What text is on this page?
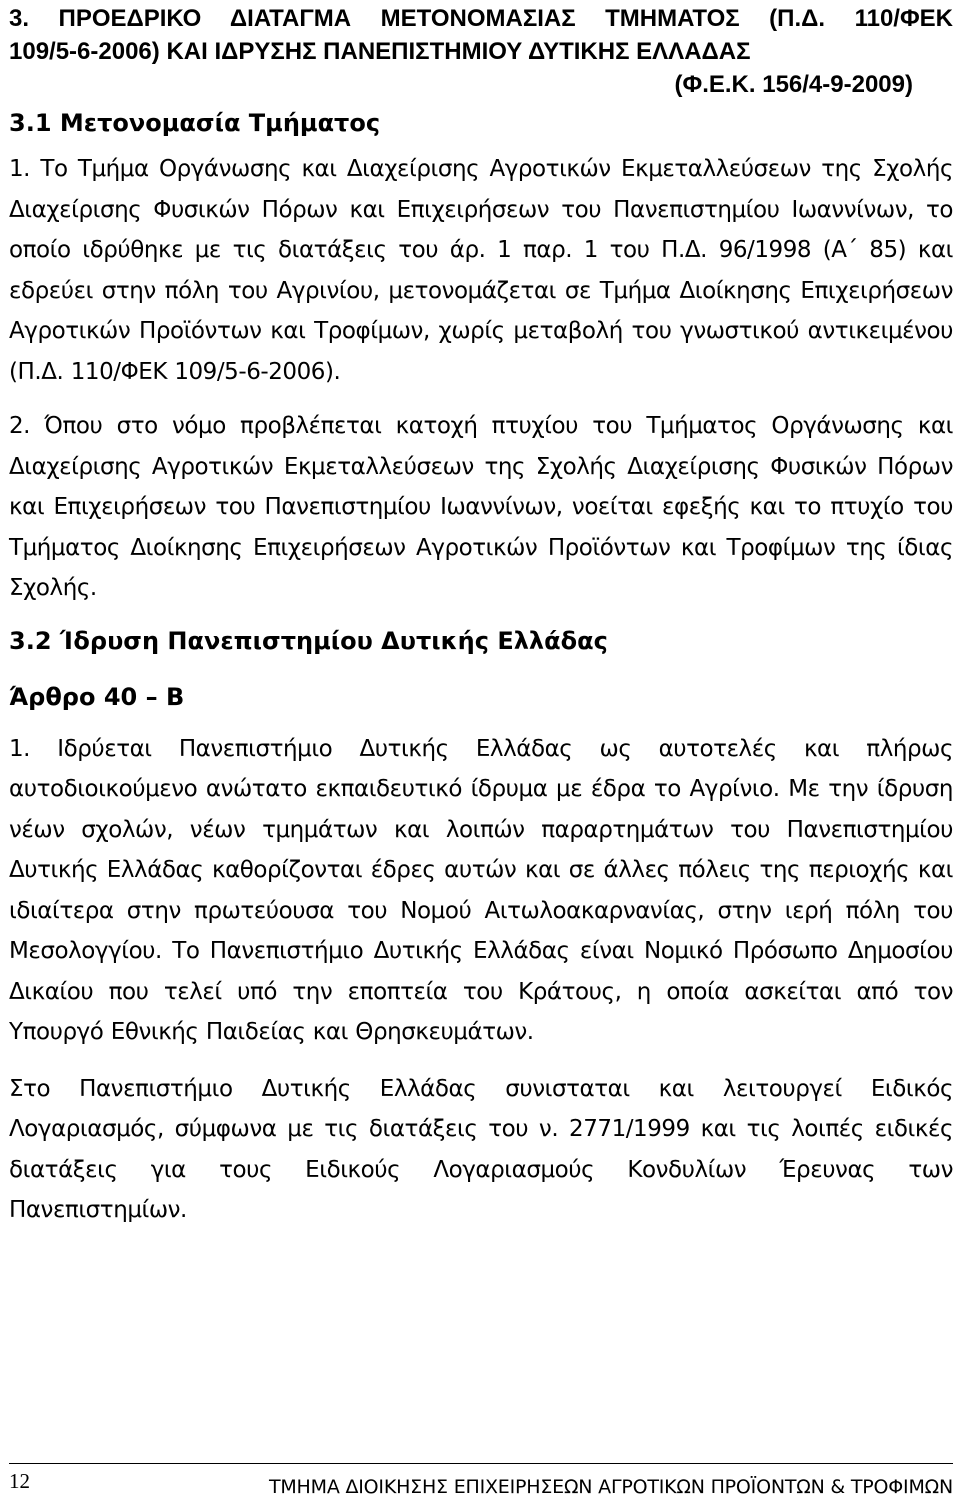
3. ΠΡΟΕΔΡΙΚΟ ΔΙΑΤΑΓΜΑ ΜΕΤΟΝΟΜΑΣΙΑΣ ΤΜΗΜΑΤΟΣ (Π.Δ. 110/ΦΕΚ
109/5-6-2006) ΚΑΙ ΙΔΡΥΣΗΣ ΠΑΝΕΠΙΣΤΗΜΙΟΥ ΔΥΤΙΚΗΣ ΕΛΛΑΔΑΣ
(Φ.Ε.Κ. 156/4-9-2009)
3.1 Μετονομασία Τμήματος

1. Το Τμήμα Οργάνωσης και Διαχείρισης Αγροτικών Εκμεταλλεύσεων της Σχολής Διαχείρισης Φυσικών Πόρων και Επιχειρήσεων του Πανεπιστημίου Ιωαννίνων, το οποίο ιδρύθηκε με τις διατάξεις του άρ. 1 παρ. 1 του Π.Δ. 96/1998 (Α΄ 85) και εδρεύει στην πόλη του Αγρινίου, μετονομάζεται σε Τμήμα Διοίκησης Επιχειρήσεων Αγροτικών Προϊόντων και Τροφίμων, χωρίς μεταβολή του γνωστικού αντικειμένου (Π.Δ. 110/ΦΕΚ 109/5-6-2006).

2. Όπου στο νόμο προβλέπεται κατοχή πτυχίου του Τμήματος Οργάνωσης και Διαχείρισης Αγροτικών Εκμεταλλεύσεων της Σχολής Διαχείρισης Φυσικών Πόρων και Επιχειρήσεων του Πανεπιστημίου Ιωαννίνων, νοείται εφεξής και το πτυχίο του Τμήματος Διοίκησης Επιχειρήσεων Αγροτικών Προϊόντων και Τροφίμων της ίδιας Σχολής.

3.2 Ίδρυση Πανεπιστημίου Δυτικής Ελλάδας
Άρθρο 40 – Β

1. Ιδρύεται Πανεπιστήμιο Δυτικής Ελλάδας ως αυτοτελές και πλήρως αυτοδιοικούμενο ανώτατο εκπαιδευτικό ίδρυμα με έδρα το Αγρίνιο. Με την ίδρυση νέων σχολών, νέων τμημάτων και λοιπών παραρτημάτων του Πανεπιστημίου Δυτικής Ελλάδας καθορίζονται έδρες αυτών και σε άλλες πόλεις της περιοχής και ιδιαίτερα στην πρωτεύουσα του Νομού Αιτωλοακαρνανίας, στην ιερή πόλη του Μεσολογγίου. Το Πανεπιστήμιο Δυτικής Ελλάδας είναι Νομικό Πρόσωπο Δημοσίου Δικαίου που τελεί υπό την εποπτεία του Κράτους, η οποία ασκείται από τον Υπουργό Εθνικής Παιδείας και Θρησκευμάτων.

Στο Πανεπιστήμιο Δυτικής Ελλάδας συνισταται και λειτουργεί Ειδικός Λογαριασμός, σύμφωνα με τις διατάξεις του ν. 2771/1999 και τις λοιπές ειδικές διατάξεις για τους Ειδικούς Λογαριασμούς Κονδυλίων Έρευνας των Πανεπιστημίων.

12	ΤΜΗΜΑ ΔΙΟΙΚΗΣΗΣ ΕΠΙΧΕΙΡΗΣΕΩΝ ΑΓΡΟΤΙΚΩΝ ΠΡΟΪΟΝΤΩΝ & ΤΡΟΦΙΜΩΝ
